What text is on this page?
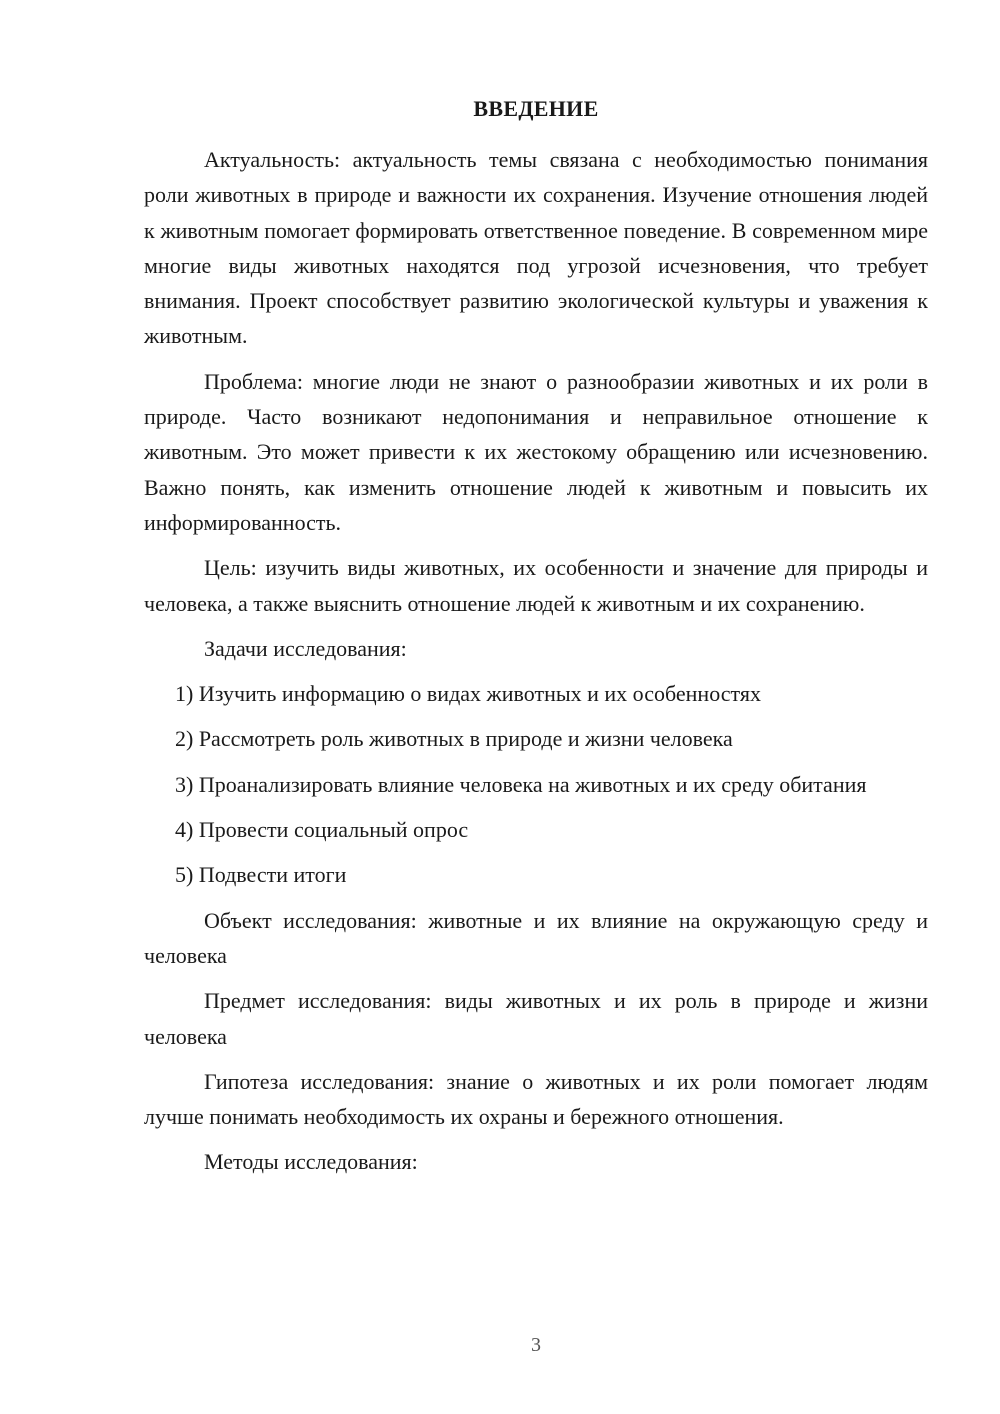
ВВЕДЕНИЕ

Актуальность: актуальность темы связана с необходимостью понимания роли животных в природе и важности их сохранения. Изучение отношения людей к животным помогает формировать ответственное поведение. В современном мире многие виды животных находятся под угрозой исчезновения, что требует внимания. Проект способствует развитию экологической культуры и уважения к животным.

Проблема: многие люди не знают о разнообразии животных и их роли в природе. Часто возникают недопонимания и неправильное отношение к животным. Это может привести к их жестокому обращению или исчезновению. Важно понять, как изменить отношение людей к животным и повысить их информированность.

Цель: изучить виды животных, их особенности и значение для природы и человека, а также выяснить отношение людей к животным и их сохранению.

Задачи исследования:

1) Изучить информацию о видах животных и их особенностях

2) Рассмотреть роль животных в природе и жизни человека

3) Проанализировать влияние человека на животных и их среду обитания

4) Провести социальный опрос

5) Подвести итоги

Объект исследования: животные и их влияние на окружающую среду и человека

Предмет исследования: виды животных и их роль в природе и жизни человека

Гипотеза исследования: знание о животных и их роли помогает людям лучше понимать необходимость их охраны и бережного отношения.

Методы исследования:

3
